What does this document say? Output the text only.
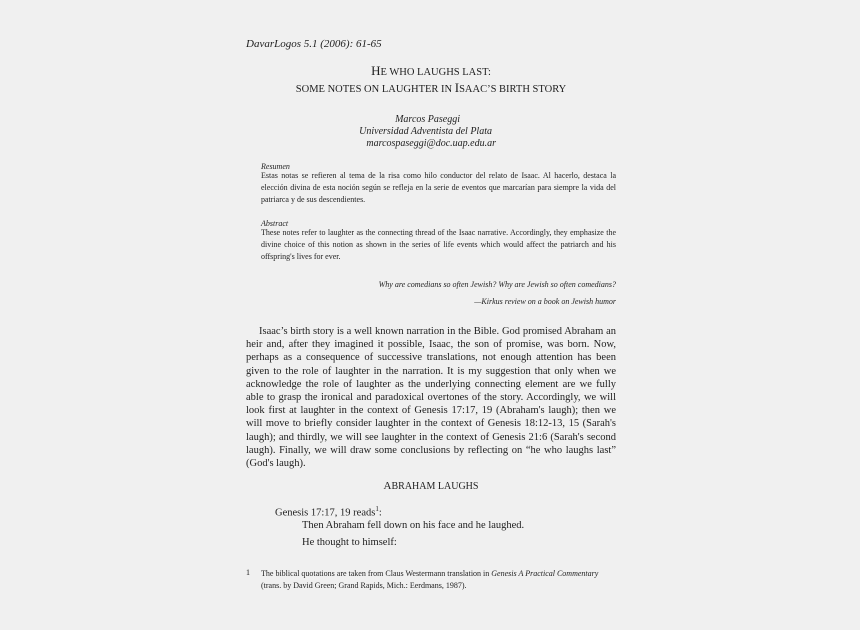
DavarLogos 5.1 (2006): 61-65
HE WHO LAUGHS LAST:
SOME NOTES ON LAUGHTER IN ISAAC’S BIRTH STORY
Marcos Paseggi
Universidad Adventista del Plata
marcospaseggi@doc.uap.edu.ar
Resumen
Estas notas se refieren al tema de la risa como hilo conductor del relato de Isaac. Al hacerlo, destaca la elección divina de esta noción según se refleja en la serie de eventos que marcarían para siempre la vida del patriarca y de sus descendientes.
Abstract
These notes refer to laughter as the connecting thread of the Isaac narrative. Accordingly, they emphasize the divine choice of this notion as shown in the series of life events which would affect the patriarch and his offspring's lives for ever.
Why are comedians so often Jewish? Why are Jewish so often comedians?
—Kirkus review on a book on Jewish humor
Isaac’s birth story is a well known narration in the Bible. God promised Abraham an heir and, after they imagined it possible, Isaac, the son of promise, was born. Now, perhaps as a consequence of successive translations, not enough attention has been given to the role of laughter in the narration. It is my suggestion that only when we acknowledge the role of laughter as the underlying connecting element are we fully able to grasp the ironical and paradoxical overtones of the story. Accordingly, we will look first at laughter in the context of Genesis 17:17, 19 (Abraham's laugh); then we will move to briefly consider laughter in the context of Genesis 18:12-13, 15 (Sarah's laugh); and thirdly, we will see laughter in the context of Genesis 21:6 (Sarah's second laugh). Finally, we will draw some conclusions by reflecting on “he who laughs last” (God's laugh).
ABRAHAM LAUGHS
Genesis 17:17, 19 reads$^1$:
Then Abraham fell down on his face and he laughed.
He thought to himself:
1 The biblical quotations are taken from Claus Westermann translation in Genesis A Practical Commentary (trans. by David Green; Grand Rapids, Mich.: Eerdmans, 1987).
